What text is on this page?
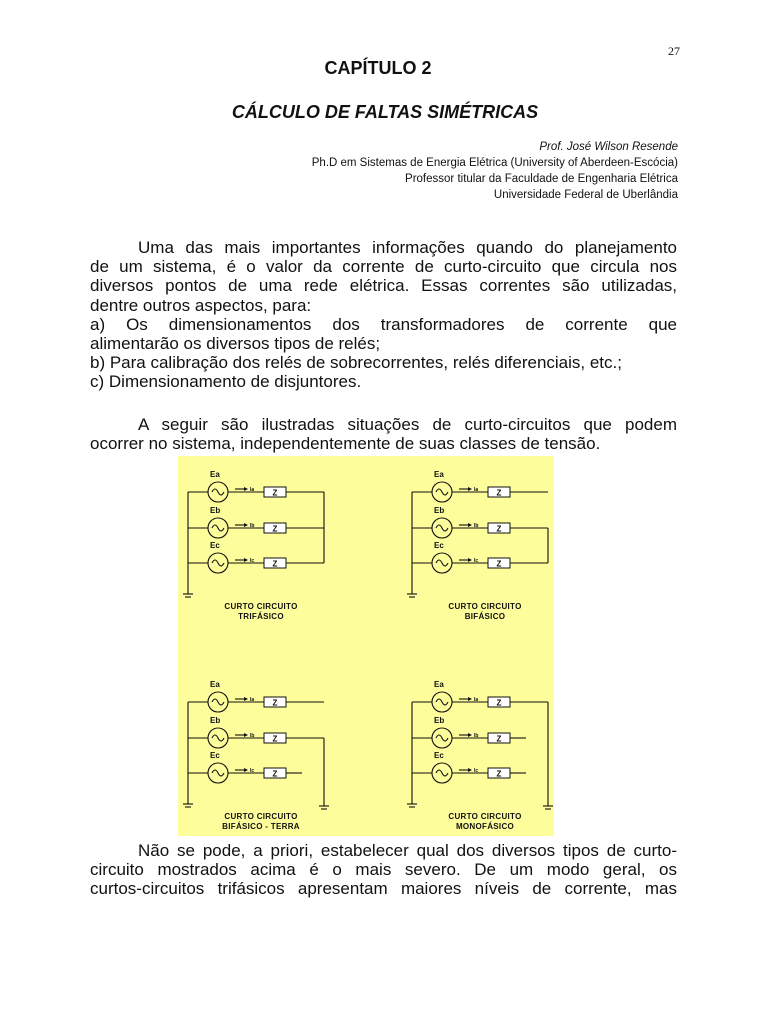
27
CAPÍTULO 2
CÁLCULO DE FALTAS SIMÉTRICAS
Prof. José Wilson Resende
Ph.D em Sistemas de Energia Elétrica (University of Aberdeen-Escócia)
Professor titular da Faculdade de Engenharia Elétrica
Universidade Federal de Uberlândia

Uma das mais importantes informações quando do planejamento

de um sistema, é o valor da corrente de curto-circuito que circula nos

diversos pontos de uma rede elétrica. Essas correntes são utilizadas,

dentre outros aspectos, para:

a) Os dimensionamentos dos transformadores de corrente que

alimentarão os diversos tipos de relés;

b) Para calibração dos relés de sobrecorrentes, relés diferenciais, etc.;

c) Dimensionamento de disjuntores.

A seguir são ilustradas situações de curto-circuitos que podem

ocorrer no sistema, independentemente de suas classes de tensão.

Ea
Ia Z
Eb
Ib Z
Ec
Ic Z
Ea
Ia Z
Eb
Ib Z
Ec
Ic Z
Ea
Ia Z
Eb
Ib Z
Ec
Ic Z
Ea
Ia Z
Eb
Ib Z
Ec
Ic Z
CURTO CIRCUITO
TRIFÁSICO
CURTO CIRCUITO
BIFÁSICO
CURTO CIRCUITO
BIFÁSICO - TERRA
CURTO CIRCUITO
MONOFÁSICO

Não se pode, a priori, estabelecer qual dos diversos tipos de curto-

circuito mostrados acima é o mais severo. De um modo geral, os

curtos-circuitos trifásicos apresentam maiores níveis de corrente, mas
